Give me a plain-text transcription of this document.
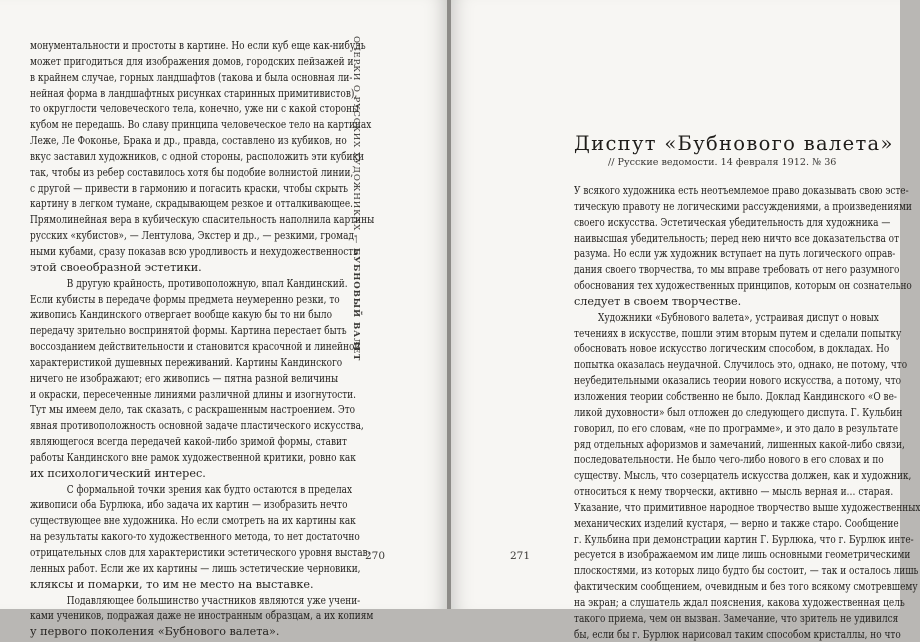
монументальности и простоты в картине. Но если куб еще как-нибудь
может пригодиться для изображения домов, городских пейзажей и,
в крайнем случае, горных ландшафтов (такова и была основная ли-
нейная форма в ландшафтных рисунках старинных примитивистов),
то округлости человеческого тела, конечно, уже ни с какой стороны
кубом не передашь. Во славу принципа человеческое тело на картинах
Леже, Ле Фоконье, Брака и др., правда, составлено из кубиков, но
вкус заставил художников, с одной стороны, расположить эти кубики
так, чтобы из ребер составилось хотя бы подобие волнистой линии,
с другой — привести в гармонию и погасить краски, чтобы скрыть
картину в легком тумане, скрадывающем резкое и отталкивающее.
Прямолинейная вера в кубическую спасительность наполнила картины
русских «кубистов», — Лентулова, Экстер и др., — резкими, громад-
ными кубами, сразу показав всю уродливость и нехудожественность
этой своеобразной эстетики.
В другую крайность, противоположную, впал Кандинский.
Если кубисты в передаче формы предмета неумеренно резки, то
живопись Кандинского отвергает вообще какую бы то ни было
передачу зрительно воспринятой формы. Картина перестает быть
воссозданием действительности и становится красочной и линейной
характеристикой душевных переживаний. Картины Кандинского
ничего не изображают; его живопись — пятна разной величины
и окраски, пересеченные линиями различной длины и изогнутости.
Тут мы имеем дело, так сказать, с раскрашенным настроением. Это
явная противоположность основной задаче пластического искусства,
являющегося всегда передачей какой-либо зримой формы, ставит
работы Кандинского вне рамок художественной критики, ровно как
их психологический интерес.
С формальной точки зрения как будто остаются в пределах
живописи оба Бурлюка, ибо задача их картин — изобразить нечто
существующее вне художника. Но если смотреть на их картины как
на результаты какого-то художественного метода, то нет достаточно
отрицательных слов для характеристики эстетического уровня выстав-
ленных работ. Если же их картины — лишь эстетические черновики,
кляксы и помарки, то им не место на выставке.
Подавляющее большинство участников являются уже учени-
ками учеников, подражая даже не иностранным образцам, а их копиям
у первого поколения «Бубнового валета».
ОЧЕРКИ О РУССКИХ ХУДОЖНИКАХ — БУБНОВЫЙ ВАЛЕТ
270
Диспут «Бубнового валета»
// Русские ведомости. 14 февраля 1912. № 36
У всякого художника есть неотъемлемое право доказывать свою эсте-
тическую правоту не логическими рассуждениями, а произведениями
своего искусства. Эстетическая убедительность для художника —
наивысшая убедительность; перед нею ничто все доказательства от
разума. Но если уж художник вступает на путь логического оправ-
дания своего творчества, то мы вправе требовать от него разумного
обоснования тех художественных принципов, которым он сознательно
следует в своем творчестве.
Художники «Бубнового валета», устраивая диспут о новых
течениях в искусстве, пошли этим вторым путем и сделали попытку
обосновать новое искусство логическим способом, в докладах. Но
попытка оказалась неудачной. Случилось это, однако, не потому, что
неубедительными оказались теории нового искусства, а потому, что
изложения теории собственно не было. Доклад Кандинского «О ве-
ликой духовности» был отложен до следующего диспута. Г. Кульбин
говорил, по его словам, «не по программе», и это дало в результате
ряд отдельных афоризмов и замечаний, лишенных какой-либо связи,
последовательности. Не было чего-либо нового в его словах и по
существу. Мысль, что созерцатель искусства должен, как и художник,
относиться к нему творчески, активно — мысль верная и… старая.
Указание, что примитивное народное творчество выше художественных
механических изделий кустаря, — верно и также старо. Сообщение
г. Кульбина при демонстрации картин Г. Бурлюка, что г. Бурлюк инте-
ресуется в изображаемом им лице лишь основными геометрическими
плоскостями, из которых лицо будто бы состоит, — так и осталось лишь
фактическим сообщением, очевидным и без того всякому смотревшему
на экран; а слушатель ждал пояснения, какова художественная цель
такого приема, чем он вызван. Замечание, что зритель не удивился
бы, если бы г. Бурлюк нарисовал таким способом кристаллы, но что
271
